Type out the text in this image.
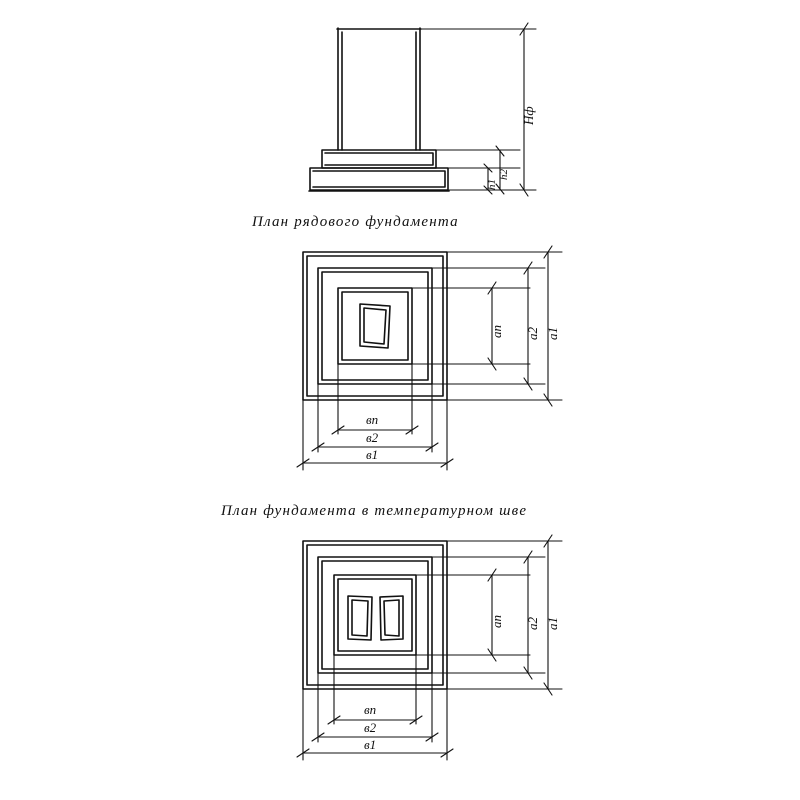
План рядового фундамента
План фундамента в температурном шве
Нф
h2
h1
ап а2 а1
вп
в2
в1
ап а2 а1
вп
в2
в1
